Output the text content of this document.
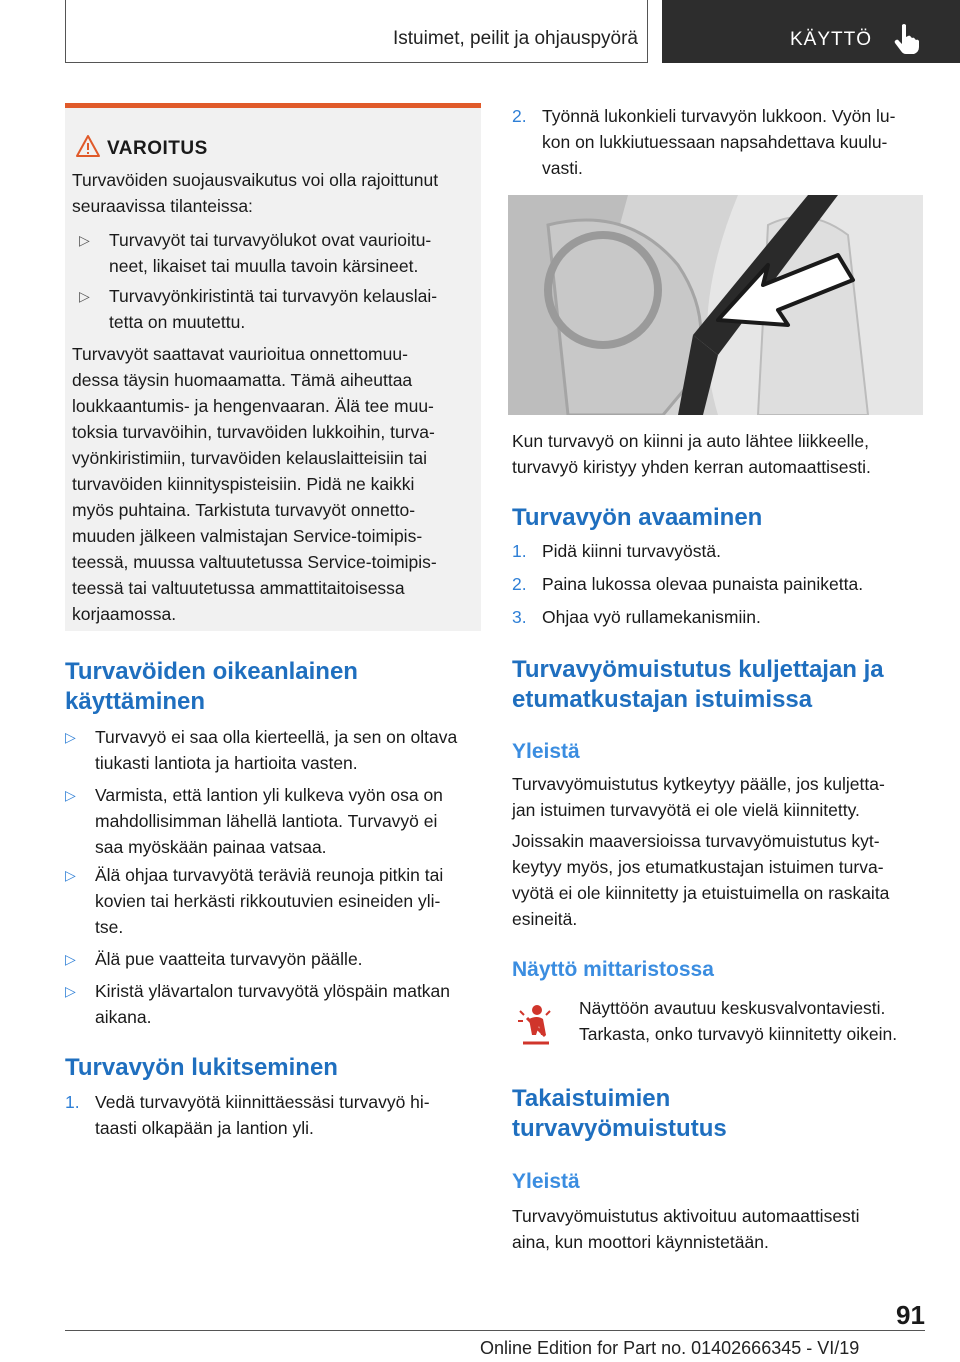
Istuimet, peilit ja ohjauspyörä	KÄYTTÖ
VAROITUS

Turvavöiden suojausvaikutus voi olla rajoittunut seuraavissa tilanteissa:

▷ Turvavyöt tai turvavyölukot ovat vaurioitu-
neet, likaiset tai muulla tavoin kärsineet.
▷ Turvavyönkiristintä tai turvavyön kelauslai-
tetta on muutettu.
Turvavyöt saattavat vaurioitua onnettomuu-
dessa täysin huomaamatta. Tämä aiheuttaa
loukkaantumis- ja hengenvaaran. Älä tee muu-
toksia turvavöihin, turvavöiden lukkoihin, turva-
vyönkiristimiin, turvavöiden kelauslaitteisiin tai
turvavöiden kiinnityspisteisiin. Pidä ne kaikki
myös puhtaina. Tarkistuta turvavyöt onnetto-
muuden jälkeen valmistajan Service-toimipis-
teessä, muussa valtuutetussa Service-toimipis-
teessä tai valtuutetussa ammattitaitoisessa
korjaamossa.
Turvavöiden oikeanlainen
käyttäminen
▷ Turvavyö ei saa olla kierteellä, ja sen on oltava
tiukasti lantiota ja hartioita vasten.
▷ Varmista, että lantion yli kulkeva vyön osa on
mahdollisimman lähellä lantiota. Turvavyö ei
saa myöskään painaa vatsaa.
▷ Älä ohjaa turvavyötä teräviä reunoja pitkin tai
kovien tai herkästi rikkoutuvien esineiden yli-
tse.
▷ Älä pue vaatteita turvavyön päälle.
▷ Kiristä ylävartalon turvavyötä ylöspäin matkan
aikana.
Turvavyön lukitseminen
1. Vedä turvavyötä kiinnittäessäsi turvavyö hi-
taasti olkapään ja lantion yli.
2. Työnnä lukonkieli turvavyön lukkoon. Vyön lu-
kon on lukkiutuessaan napsahdettava kuulu-
vasti.
Kun turvavyö on kiinni ja auto lähtee liikkeelle,
turvavyö kiristyy yhden kerran automaattisesti.
Turvavyön avaaminen
1. Pidä kiinni turvavyöstä.
2. Paina lukossa olevaa punaista painiketta.
3. Ohjaa vyö rullamekanismiin.
Turvavyömuistutus kuljettajan ja
etumatkustajan istuimissa
Yleistä
Turvavyömuistutus kytkeytyy päälle, jos kuljetta-
jan istuimen turvavyötä ei ole vielä kiinnitetty.
Joissakin maaversioissa turvavyömuistutus kyt-
keytyy myös, jos etumatkustajan istuimen turva-
vyötä ei ole kiinnitetty ja etuistuimella on raskaita
esineitä.
Näyttö mittaristossa
Näyttöön avautuu keskusvalvontaviesti.
Tarkasta, onko turvavyö kiinnitetty oikein.
Takaistuimien
turvavyömuistutus
Yleistä
Turvavyömuistutus aktivoituu automaattisesti
aina, kun moottori käynnistetään.
91
Online Edition for Part no. 01402666345 - VI/19
